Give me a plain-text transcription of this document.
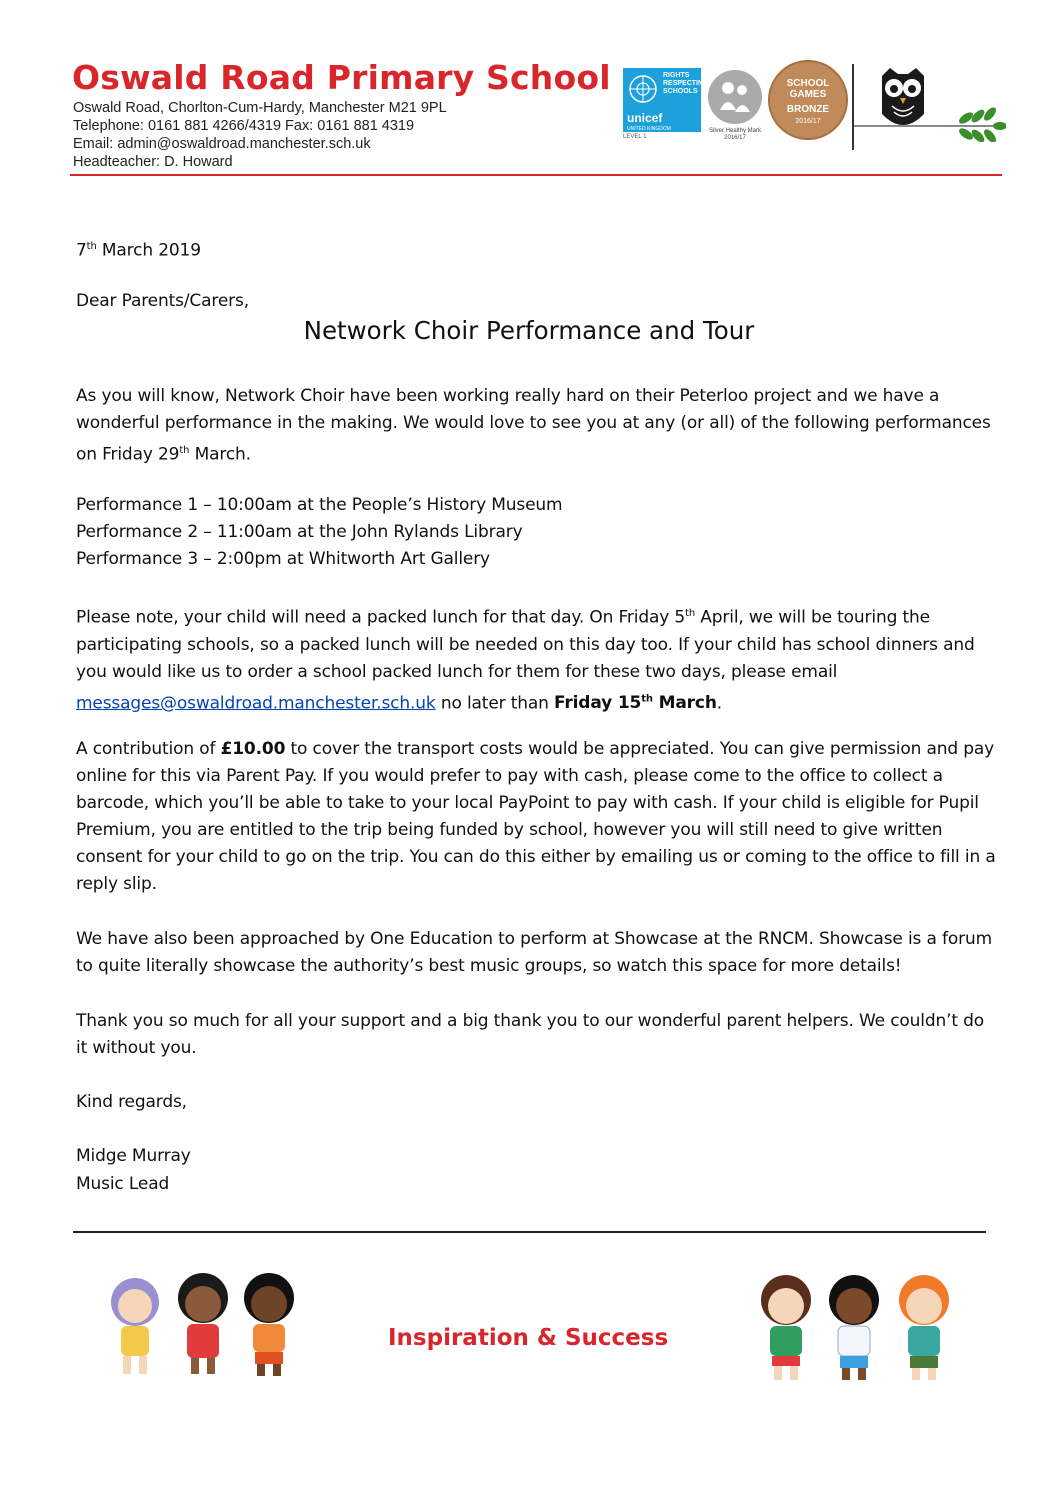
Oswald Road Primary School
Oswald Road, Chorlton-Cum-Hardy, Manchester M21 9PL
Telephone: 0161 881 4266/4319 Fax: 0161 881 4319
Email: admin@oswaldroad.manchester.sch.uk
Headteacher: D. Howard
RIGHTS RESPECTING SCHOOLS
unicef
UNITED KINGDOM
LEVEL 1
Silver Healthy Mark 2016/17
SCHOOL GAMES
BRONZE
2016/17
7th March 2019
Dear Parents/Carers,
Network Choir Performance and Tour

As you will know, Network Choir have been working really hard on their Peterloo project and we have a wonderful performance in the making. We would love to see you at any (or all) of the following performances on Friday 29th March.

Performance 1 – 10:00am at the People’s History Museum

Performance 2 – 11:00am at the John Rylands Library

Performance 3 – 2:00pm at Whitworth Art Gallery

Please note, your child will need a packed lunch for that day. On Friday 5th April, we will be touring the participating schools, so a packed lunch will be needed on this day too. If your child has school dinners and you would like us to order a school packed lunch for them for these two days, please email messages@oswaldroad.manchester.sch.uk no later than Friday 15th March.

A contribution of £10.00 to cover the transport costs would be appreciated. You can give permission and pay online for this via Parent Pay. If you would prefer to pay with cash, please come to the office to collect a barcode, which you’ll be able to take to your local PayPoint to pay with cash. If your child is eligible for Pupil Premium, you are entitled to the trip being funded by school, however you will still need to give written consent for your child to go on the trip. You can do this either by emailing us or coming to the office to fill in a reply slip.

We have also been approached by One Education to perform at Showcase at the RNCM. Showcase is a forum to quite literally showcase the authority’s best music groups, so watch this space for more details!
Thank you so much for all your support and a big thank you to our wonderful parent helpers. We couldn’t do it without you.
Kind regards,
Midge Murray
Music Lead
Inspiration & Success
